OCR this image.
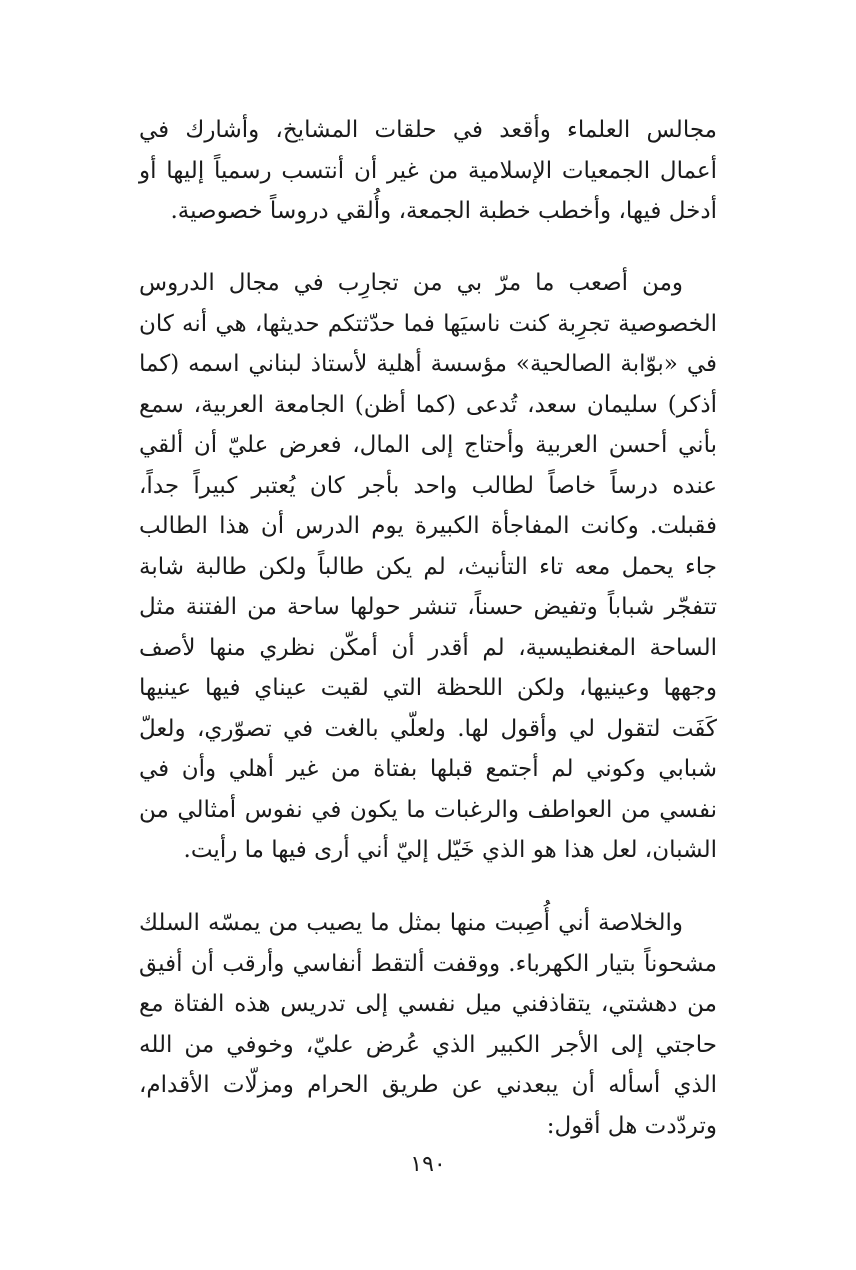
مجالس العلماء وأقعد في حلقات المشايخ، وأشارك في أعمال الجمعيات الإسلامية من غير أن أنتسب رسمياً إليها أو أدخل فيها، وأخطب خطبة الجمعة، وأُلقي دروساً خصوصية.

ومن أصعب ما مرّ بي من تجارِب في مجال الدروس الخصوصية تجرِبة كنت ناسيَها فما حدّثتكم حديثها، هي أنه كان في «بوّابة الصالحية» مؤسسة أهلية لأستاذ لبناني اسمه (كما أذكر) سليمان سعد، تُدعى (كما أظن) الجامعة العربية، سمع بأني أحسن العربية وأحتاج إلى المال، فعرض عليّ أن ألقي عنده درساً خاصاً لطالب واحد بأجر كان يُعتبر كبيراً جداً، فقبلت. وكانت المفاجأة الكبيرة يوم الدرس أن هذا الطالب جاء يحمل معه تاء التأنيث، لم يكن طالباً ولكن طالبة شابة تتفجّر شباباً وتفيض حسناً، تنشر حولها ساحة من الفتنة مثل الساحة المغنطيسية، لم أقدر أن أمكّن نظري منها لأصف وجهها وعينيها، ولكن اللحظة التي لقيت عيناي فيها عينيها كَفَت لتقول لي وأقول لها. ولعلّي بالغت في تصوّري، ولعلّ شبابي وكوني لم أجتمع قبلها بفتاة من غير أهلي وأن في نفسي من العواطف والرغبات ما يكون في نفوس أمثالي من الشبان، لعل هذا هو الذي خَيّل إليّ أني أرى فيها ما رأيت.

والخلاصة أني أُصِبت منها بمثل ما يصيب من يمسّه السلك مشحوناً بتيار الكهرباء. ووقفت ألتقط أنفاسي وأرقب أن أفيق من دهشتي، يتقاذفني ميل نفسي إلى تدريس هذه الفتاة مع حاجتي إلى الأجر الكبير الذي عُرض عليّ، وخوفي من الله الذي أسأله أن يبعدني عن طريق الحرام ومزلّات الأقدام، وتردّدت هل أقول:

١٩٠
